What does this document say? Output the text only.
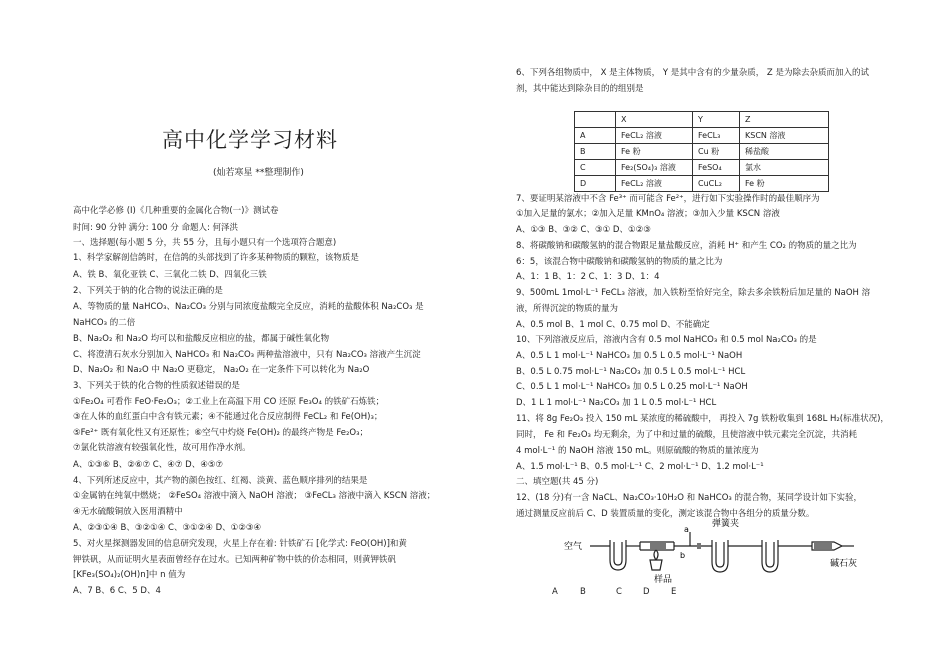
高中化学学习材料
(灿若寒星 **整理制作)
高中化学必修 (I)《几种重要的金属化合物(一)》测试卷
时间: 90 分钟 满分: 100 分 命题人: 何泽洪
一、选择题(每小题 5 分，共 55 分，且每小题只有一个选项符合题意)
1、科学家解剖信鸽时，在信鸽的头部找到了许多某种物质的颗粒，该物质是
A、铁 B、氧化亚铁 C、三氧化二铁 D、四氧化三铁
2、下列关于钠的化合物的说法正确的是
A、等物质的量 NaHCO₃、Na₂CO₃ 分别与同浓度盐酸完全反应，消耗的盐酸体积 Na₂CO₃ 是
NaHCO₃ 的二倍
B、Na₂O₂ 和 Na₂O 均可以和盐酸反应相应的盐，都属于碱性氧化物
C、将澄清石灰水分别加入 NaHCO₃ 和 Na₂CO₃ 两种盐溶液中，只有 Na₂CO₃ 溶液产生沉淀
D、Na₂O₂ 和 Na₂O 中 Na₂O 更稳定， Na₂O₂ 在一定条件下可以转化为 Na₂O
3、下列关于铁的化合物的性质叙述错误的是
①Fe₂O₄ 可看作 FeO·Fe₂O₃；②工业上在高温下用 CO 还原 Fe₃O₄ 的铁矿石炼铁；
③在人体的血红蛋白中含有铁元素；④不能通过化合反应制得 FeCL₂ 和 Fe(OH)₃；
⑤Fe²⁺ 既有氧化性又有还原性；⑥空气中灼烧 Fe(OH)₂ 的最终产物是 Fe₂O₃；
⑦氯化铁溶液有较强氧化性，故可用作净水剂。
A、①③⑥ B、②⑥⑦ C、④⑦ D、④⑤⑦
4、下列所述反应中，其产物的颜色按红、红褐、淡黄、蓝色顺序排列的结果是
①金属钠在纯氧中燃烧； ②FeSO₄ 溶液中滴入 NaOH 溶液； ③FeCL₃ 溶液中滴入 KSCN 溶液；
④无水硫酸铜放入医用酒精中
A、②③①④ B、③②①④ C、③①②④ D、①②③④
5、对火星探测器发回的信息研究发现，火星上存在着: 针铁矿石 [化学式: FeO(OH)]和黄
钾铁矾，从而证明火星表面曾经存在过水。已知两种矿物中铁的价态相同，则黄钾铁矾
[KFe₃(SO₄)₂(OH)n]中 n 值为
A、7 B、6 C、5 D、4
6、下列各组物质中， X 是主体物质， Y 是其中含有的少量杂质， Z 是为除去杂质而加入的试
剂，其中能达到除杂目的的组别是
	X	Y	Z
A	FeCL₂ 溶液	FeCL₃	KSCN 溶液
B	Fe 粉	Cu 粉	稀盐酸
C	Fe₂(SO₄)₃ 溶液	FeSO₄	氯水
D	FeCL₂ 溶液	CuCL₂	Fe 粉
7、要证明某溶液中不含 Fe³⁺ 而可能含 Fe²⁺，进行如下实验操作时的最佳顺序为
①加入足量的氯水；②加入足量 KMnO₄ 溶液；③加入少量 KSCN 溶液
A、①③ B、③② C、③① D、①②③
8、将碳酸钠和碳酸氢钠的混合物跟足量盐酸反应，消耗 H⁺ 和产生 CO₂ 的物质的量之比为
6：5，该混合物中碳酸钠和碳酸氢钠的物质的量之比为
A、1：1 B、1：2 C、1：3 D、1：4
9、500mL 1mol·L⁻¹ FeCL₃ 溶液，加入铁粉至恰好完全，除去多余铁粉后加足量的 NaOH 溶
液，所得沉淀的物质的量为
A、0.5 mol B、1 mol C、0.75 mol D、不能确定
10、下列溶液反应后，溶液内含有 0.5 mol NaHCO₃ 和 0.5 mol Na₂CO₃ 的是
A、0.5 L 1 mol·L⁻¹ NaHCO₃ 加 0.5 L 0.5 mol·L⁻¹ NaOH
B、0.5 L 0.75 mol·L⁻¹ Na₂CO₃ 加 0.5 L 0.5 mol·L⁻¹ HCL
C、0.5 L 1 mol·L⁻¹ NaHCO₃ 加 0.5 L 0.25 mol·L⁻¹ NaOH
D、1 L 1 mol·L⁻¹ Na₂CO₃ 加 1 L 0.5 mol·L⁻¹ HCL
11、将 8g Fe₂O₃ 投入 150 mL 某浓度的稀硫酸中， 再投入 7g 铁粉收集到 168L H₂(标准状况)，
同时， Fe 和 Fe₂O₃ 均无剩余，为了中和过量的硫酸，且使溶液中铁元素完全沉淀，共消耗
4 mol·L⁻¹ 的 NaOH 溶液 150 mL。则原硫酸的物质的量浓度为
A、1.5 mol·L⁻¹ B、0.5 mol·L⁻¹ C、2 mol·L⁻¹ D、1.2 mol·L⁻¹
二、填空题(共 45 分)
12、(18 分)有一含 NaCL、Na₂CO₃·10H₂O 和 NaHCO₃ 的混合物，某同学设计如下实验，
通过测量反应前后 C、D 装置质量的变化，测定该混合物中各组分的质量分数。
空气
弹簧夹
样品
a
b
碱石灰
A	B	C D	E
